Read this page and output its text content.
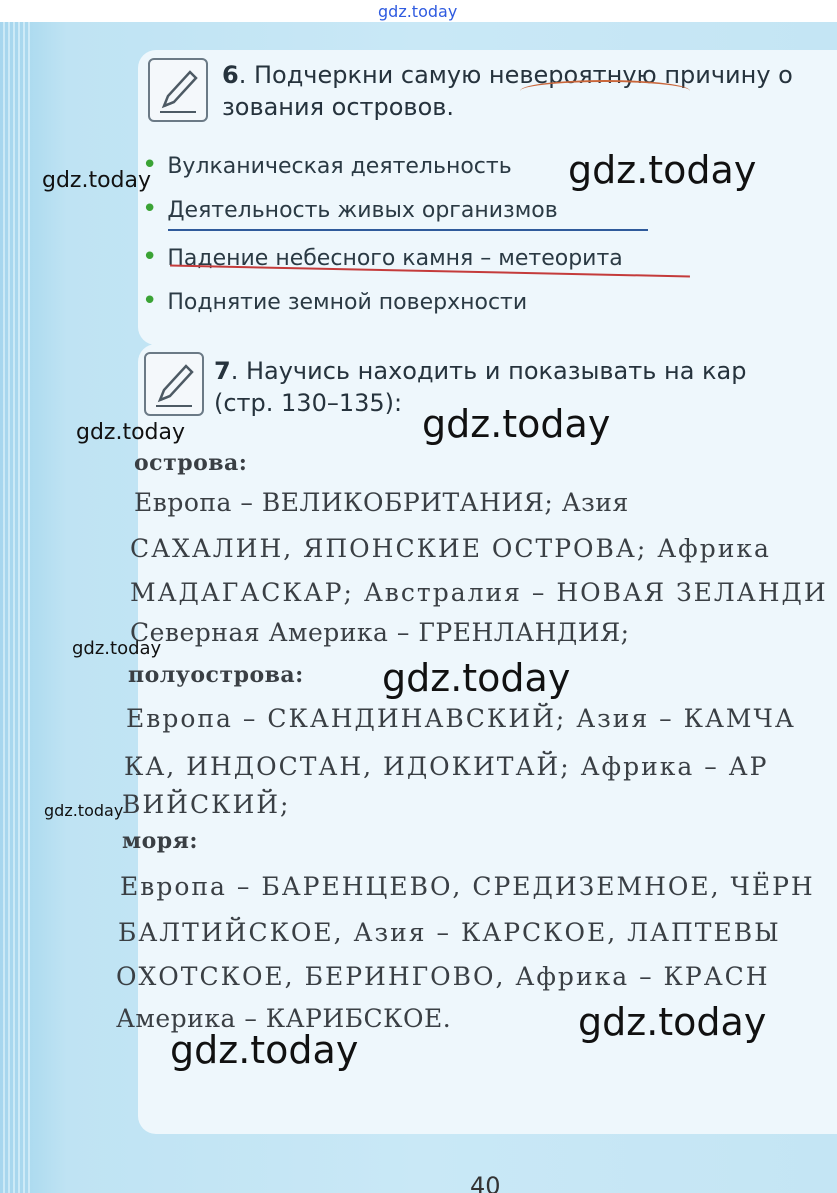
gdz.today
6. Подчеркни самую невероятную причину о
зования островов.
• Вулканическая деятельность
• Деятельность живых организмов
• Падение небесного камня – метеорита
• Поднятие земной поверхности
7. Научись находить и показывать на кар
(стр. 130–135):
острова:
Европа – ВЕЛИКОБРИТАНИЯ; Азия
САХАЛИН, ЯПОНСКИЕ ОСТРОВА; Африка
МАДАГАСКАР; Австралия – НОВАЯ ЗЕЛАНДИ
Северная Америка – ГРЕНЛАНДИЯ;
полуострова:
Европа – СКАНДИНАВСКИЙ; Азия – КАМЧА
КА, ИНДОСТАН, ИДОКИТАЙ; Африка – АР
ВИЙСКИЙ;
моря:
Европа – БАРЕНЦЕВО, СРЕДИЗЕМНОЕ, ЧЁРН
БАЛТИЙСКОЕ, Азия – КАРСКОЕ, ЛАПТЕВЫ
ОХОТСКОЕ, БЕРИНГОВО, Африка – КРАСН
Америка – КАРИБСКОЕ.
40
gdz.today	gdz.today
gdz.today	gdz.today
gdz.today
gdz.today
gdz.today
gdz.today
gdz.today
